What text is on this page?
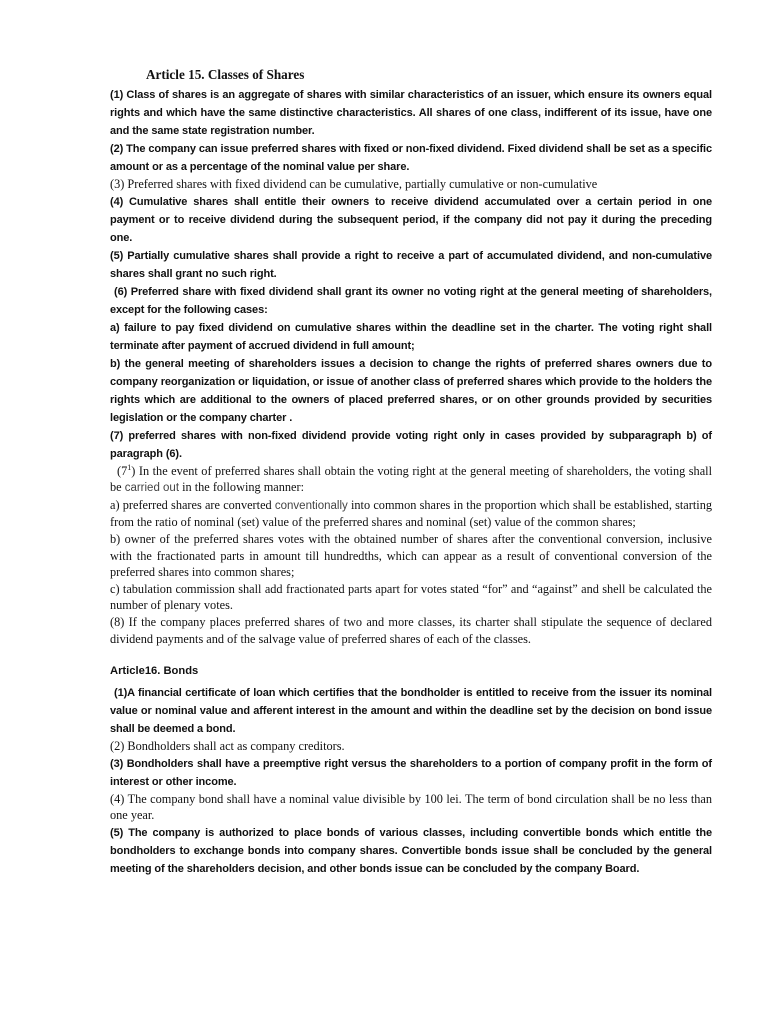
Article 15. Classes of Shares

(1) Class of shares is an aggregate of shares with similar characteristics of an issuer, which ensure its owners equal rights and which have the same distinctive characteristics. All shares of one class, indifferent of its issue, have one and the same state registration number.

(2) The company can issue preferred shares with fixed or non-fixed dividend. Fixed dividend shall be set as a specific amount or as a percentage of the nominal value per share.

(3) Preferred shares with fixed dividend can be cumulative, partially cumulative or non-cumulative

(4) Cumulative shares shall entitle their owners to receive dividend accumulated over a certain period in one payment or to receive dividend during the subsequent period, if the company did not pay it during the preceding one.

(5) Partially cumulative shares shall provide a right to receive a part of accumulated dividend, and non-cumulative shares shall grant no such right.

(6) Preferred share with fixed dividend shall grant its owner no voting right at the general meeting of shareholders, except for the following cases:

a) failure to pay fixed dividend on cumulative shares within the deadline set in the charter. The voting right shall terminate after payment of accrued dividend in full amount;

b) the general meeting of shareholders issues a decision to change the rights of preferred shares owners due to company reorganization or liquidation, or issue of another class of preferred shares which provide to the holders the rights which are additional to the owners of placed preferred shares, or on other grounds provided by securities legislation or the company charter .

(7) preferred shares with non-fixed dividend provide voting right only in cases provided by subparagraph b) of paragraph (6).

$(7^1)$ In the event of preferred shares shall obtain the voting right at the general meeting of shareholders, the voting shall be carried out in the following manner:

a) preferred shares are converted conventionally into common shares in the proportion which shall be established, starting from the ratio of nominal (set) value of the preferred shares and nominal (set) value of the common shares;

b) owner of the preferred shares votes with the obtained number of shares after the conventional conversion, inclusive with the fractionated parts in amount till hundredths, which can appear as a result of conventional conversion of the preferred shares into common shares;

c) tabulation commission shall add fractionated parts apart for votes stated “for” and “against” and shell be calculated the number of plenary votes.

(8) If the company places preferred shares of two and more classes, its charter shall stipulate the sequence of declared dividend payments and of the salvage value of preferred shares of each of the classes.

Article16. Bonds

(1)A financial certificate of loan which certifies that the bondholder is entitled to receive from the issuer its nominal value or nominal value and afferent interest in the amount and within the deadline set by the decision on bond issue shall be deemed a bond.

(2) Bondholders shall act as company creditors.

(3) Bondholders shall have a preemptive right versus the shareholders to a portion of company profit in the form of interest or other income.

(4) The company bond shall have a nominal value divisible by 100 lei. The term of bond circulation shall be no less than one year.

(5) The company is authorized to place bonds of various classes, including convertible bonds which entitle the bondholders to exchange bonds into company shares. Convertible bonds issue shall be concluded by the general meeting of the shareholders decision, and other bonds issue can be concluded by the company Board.
